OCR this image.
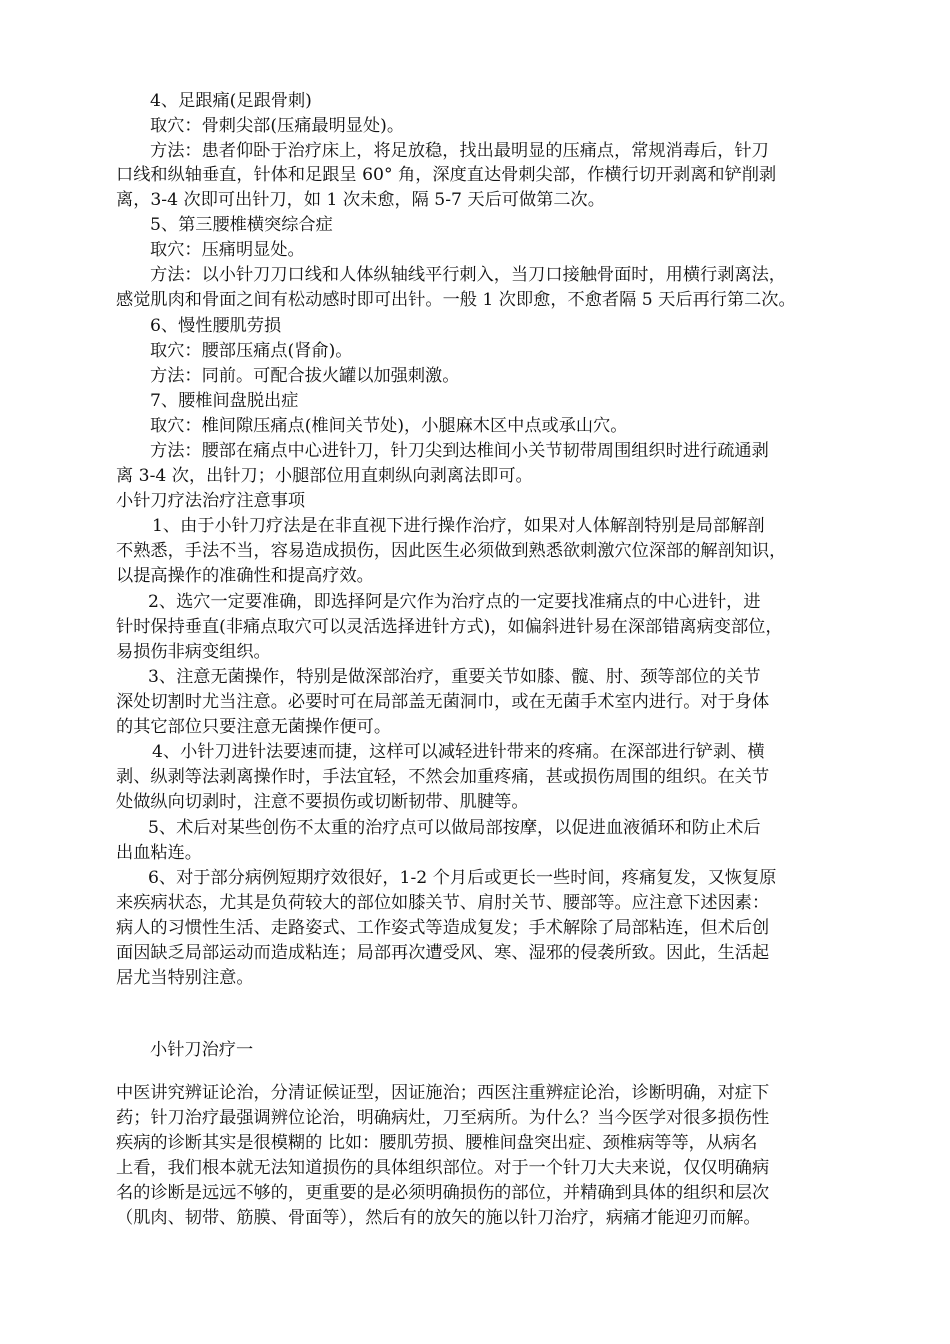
4、足跟痛(足跟骨刺)

取穴：骨刺尖部(压痛最明显处)。

方法：患者仰卧于治疗床上，将足放稳，找出最明显的压痛点，常规消毒后，针刀

口线和纵轴垂直，针体和足跟呈 60° 角，深度直达骨刺尖部，作横行切开剥离和铲削剥

离，3-4 次即可出针刀，如 1 次未愈，隔 5-7 天后可做第二次。

5、第三腰椎横突综合症

取穴：压痛明显处。

方法：以小针刀刀口线和人体纵轴线平行刺入，当刀口接触骨面时，用横行剥离法，

感觉肌肉和骨面之间有松动感时即可出针。一般 1 次即愈，不愈者隔 5 天后再行第二次。

6、慢性腰肌劳损

取穴：腰部压痛点(肾俞)。

方法：同前。可配合拔火罐以加强刺激。

7、腰椎间盘脱出症

取穴：椎间隙压痛点(椎间关节处)，小腿麻木区中点或承山穴。

方法：腰部在痛点中心进针刀，针刀尖到达椎间小关节韧带周围组织时进行疏通剥

离 3-4 次，出针刀；小腿部位用直刺纵向剥离法即可。

小针刀疗法治疗注意事项

1、由于小针刀疗法是在非直视下进行操作治疗，如果对人体解剖特别是局部解剖

不熟悉，手法不当，容易造成损伤，因此医生必须做到熟悉欲刺激穴位深部的解剖知识，

以提高操作的准确性和提高疗效。

2、选穴一定要准确，即选择阿是穴作为治疗点的一定要找准痛点的中心进针，进

针时保持垂直(非痛点取穴可以灵活选择进针方式)，如偏斜进针易在深部错离病变部位，

易损伤非病变组织。

3、注意无菌操作，特别是做深部治疗，重要关节如膝、髋、肘、颈等部位的关节

深处切割时尤当注意。必要时可在局部盖无菌洞巾，或在无菌手术室内进行。对于身体

的其它部位只要注意无菌操作便可。

4、小针刀进针法要速而捷，这样可以减轻进针带来的疼痛。在深部进行铲剥、横

剥、纵剥等法剥离操作时，手法宜轻，不然会加重疼痛，甚或损伤周围的组织。在关节

处做纵向切剥时，注意不要损伤或切断韧带、肌腱等。

5、术后对某些创伤不太重的治疗点可以做局部按摩，以促进血液循环和防止术后

出血粘连。

6、对于部分病例短期疗效很好，1-2 个月后或更长一些时间，疼痛复发，又恢复原

来疾病状态，尤其是负荷较大的部位如膝关节、肩肘关节、腰部等。应注意下述因素：

病人的习惯性生活、走路姿式、工作姿式等造成复发；手术解除了局部粘连，但术后创

面因缺乏局部运动而造成粘连；局部再次遭受风、寒、湿邪的侵袭所致。因此，生活起

居尤当特别注意。

小针刀治疗一

中医讲究辨证论治，分清证候证型，因证施治；西医注重辨症论治，诊断明确，对症下

药；针刀治疗最强调辨位论治，明确病灶，刀至病所。为什么？当今医学对很多损伤性

疾病的诊断其实是很模糊的 比如：腰肌劳损、腰椎间盘突出症、颈椎病等等，从病名

上看，我们根本就无法知道损伤的具体组织部位。对于一个针刀大夫来说，仅仅明确病

名的诊断是远远不够的，更重要的是必须明确损伤的部位，并精确到具体的组织和层次

（肌肉、韧带、筋膜、骨面等），然后有的放矢的施以针刀治疗，病痛才能迎刃而解。
